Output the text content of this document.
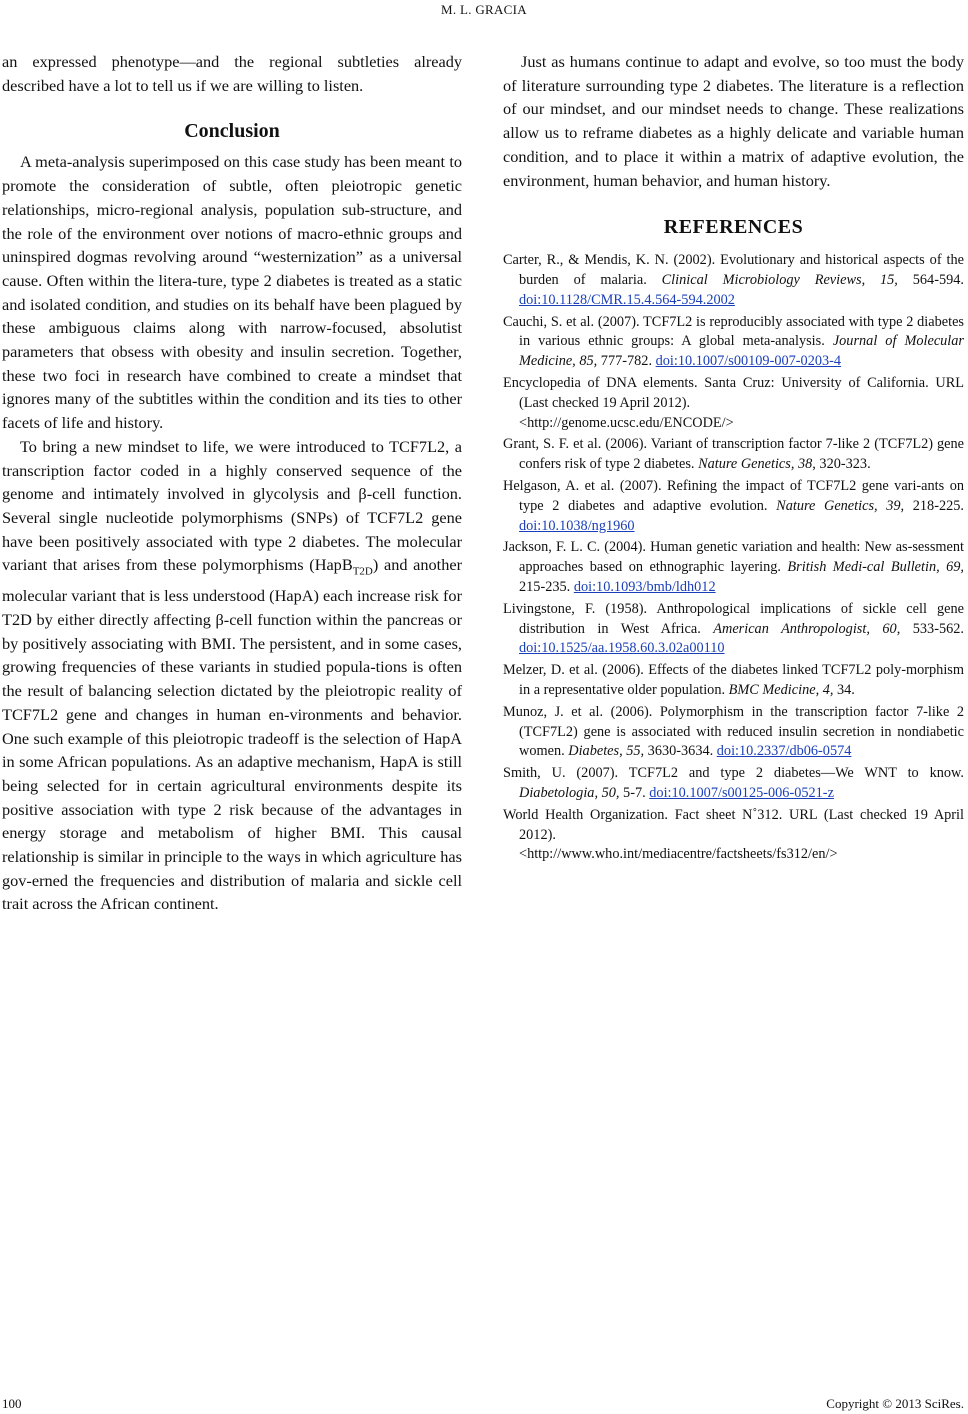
M. L. GRACIA

an expressed phenotype—and the regional subtleties already described have a lot to tell us if we are willing to listen.

Conclusion

A meta-analysis superimposed on this case study has been meant to promote the consideration of subtle, often pleiotropic genetic relationships, micro-regional analysis, population sub-structure, and the role of the environment over notions of macro-ethnic groups and uninspired dogmas revolving around “westernization” as a universal cause. Often within the litera-ture, type 2 diabetes is treated as a static and isolated condition, and studies on its behalf have been plagued by these ambiguous claims along with narrow-focused, absolutist parameters that obsess with obesity and insulin secretion. Together, these two foci in research have combined to create a mindset that ignores many of the subtitles within the condition and its ties to other facets of life and history.

To bring a new mindset to life, we were introduced to TCF7L2, a transcription factor coded in a highly conserved sequence of the genome and intimately involved in glycolysis and β-cell function. Several single nucleotide polymorphisms (SNPs) of TCF7L2 gene have been positively associated with type 2 diabetes. The molecular variant that arises from these polymorphisms (HapB$_{T2D}$) and another molecular variant that is less understood (HapA) each increase risk for T2D by either directly affecting β-cell function within the pancreas or by positively associating with BMI. The persistent, and in some cases, growing frequencies of these variants in studied popula-tions is often the result of balancing selection dictated by the pleiotropic reality of TCF7L2 gene and changes in human en-vironments and behavior. One such example of this pleiotropic tradeoff is the selection of HapA in some African populations. As an adaptive mechanism, HapA is still being selected for in certain agricultural environments despite its positive association with type 2 risk because of the advantages in energy storage and metabolism of higher BMI. This causal relationship is similar in principle to the ways in which agriculture has gov-erned the frequencies and distribution of malaria and sickle cell trait across the African continent.

Just as humans continue to adapt and evolve, so too must the body of literature surrounding type 2 diabetes. The literature is a reflection of our mindset, and our mindset needs to change. These realizations allow us to reframe diabetes as a highly delicate and variable human condition, and to place it within a matrix of adaptive evolution, the environment, human behavior, and human history.

REFERENCES
Carter, R., & Mendis, K. N. (2002). Evolutionary and historical aspects of the burden of malaria. Clinical Microbiology Reviews, 15, 564-594. doi:10.1128/CMR.15.4.564-594.2002
Cauchi, S. et al. (2007). TCF7L2 is reproducibly associated with type 2 diabetes in various ethnic groups: A global meta-analysis. Journal of Molecular Medicine, 85, 777-782. doi:10.1007/s00109-007-0203-4
Encyclopedia of DNA elements. Santa Cruz: University of California. URL (Last checked 19 April 2012).
<http://genome.ucsc.edu/ENCODE/>
Grant, S. F. et al. (2006). Variant of transcription factor 7-like 2 (TCF7L2) gene confers risk of type 2 diabetes. Nature Genetics, 38, 320-323.
Helgason, A. et al. (2007). Refining the impact of TCF7L2 gene vari-ants on type 2 diabetes and adaptive evolution. Nature Genetics, 39, 218-225. doi:10.1038/ng1960
Jackson, F. L. C. (2004). Human genetic variation and health: New as-sessment approaches based on ethnographic layering. British Medi-cal Bulletin, 69, 215-235. doi:10.1093/bmb/ldh012
Livingstone, F. (1958). Anthropological implications of sickle cell gene distribution in West Africa. American Anthropologist, 60, 533-562. doi:10.1525/aa.1958.60.3.02a00110
Melzer, D. et al. (2006). Effects of the diabetes linked TCF7L2 poly-morphism in a representative older population. BMC Medicine, 4, 34.
Munoz, J. et al. (2006). Polymorphism in the transcription factor 7-like 2 (TCF7L2) gene is associated with reduced insulin secretion in nondiabetic women. Diabetes, 55, 3630-3634. doi:10.2337/db06-0574
Smith, U. (2007). TCF7L2 and type 2 diabetes—We WNT to know. Diabetologia, 50, 5-7. doi:10.1007/s00125-006-0521-z
World Health Organization. Fact sheet N˚312. URL (Last checked 19 April 2012).
<http://www.who.int/mediacentre/factsheets/fs312/en/>
100	Copyright © 2013 SciRes.
